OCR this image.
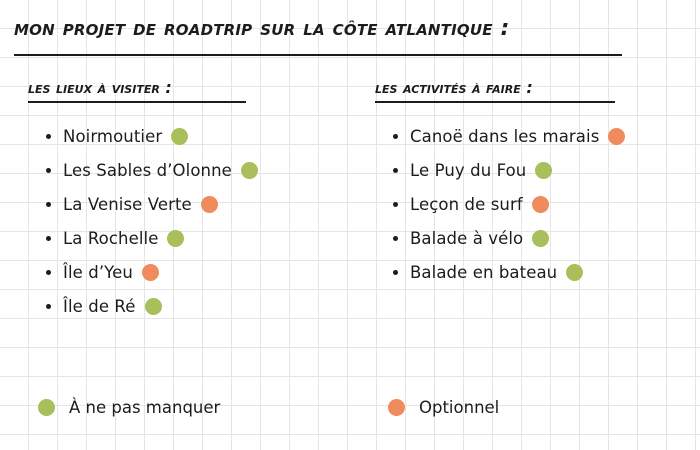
mon projet de roadtrip sur la côte atlantique :
les lieux à visiter :
Noirmoutier
Les Sables d’Olonne
La Venise Verte
La Rochelle
Île d’Yeu
Île de Ré
les activités à faire :
Canoë dans les marais
Le Puy du Fou
Leçon de surf
Balade à vélo
Balade en bateau
À ne pas manquer	Optionnel
